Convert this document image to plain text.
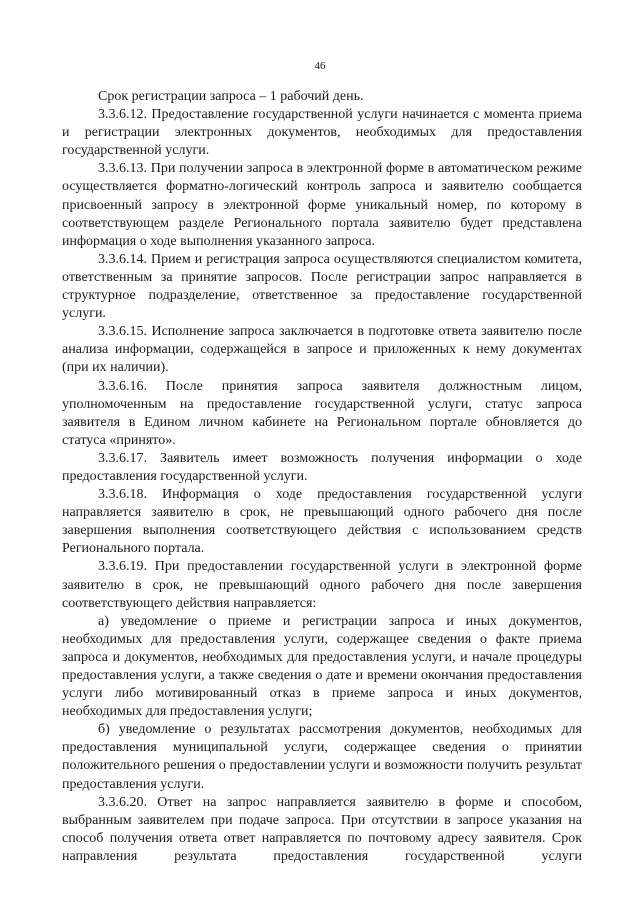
46

Срок регистрации запроса – 1 рабочий день.

3.3.6.12. Предоставление государственной услуги начинается с момента приема и регистрации электронных документов, необходимых для предоставления государственной услуги.

3.3.6.13. При получении запроса в электронной форме в автоматическом режиме осуществляется форматно-логический контроль запроса и заявителю сообщается присвоенный запросу в электронной форме уникальный номер, по которому в соответствующем разделе Регионального портала заявителю будет представлена информация о ходе выполнения указанного запроса.

3.3.6.14. Прием и регистрация запроса осуществляются специалистом комитета, ответственным за принятие запросов. После регистрации запрос направляется в структурное подразделение, ответственное за предоставление государственной услуги.

3.3.6.15. Исполнение запроса заключается в подготовке ответа заявителю после анализа информации, содержащейся в запросе и приложенных к нему документах (при их наличии).

3.3.6.16. После принятия запроса заявителя должностным лицом, уполномоченным на предоставление государственной услуги, статус запроса заявителя в Едином личном кабинете на Региональном портале обновляется до статуса «принято».

3.3.6.17. Заявитель имеет возможность получения информации о ходе предоставления государственной услуги.

3.3.6.18. Информация о ходе предоставления государственной услуги направляется заявителю в срок, не превышающий одного рабочего дня после завершения выполнения соответствующего действия с использованием средств Регионального портала.

3.3.6.19. При предоставлении государственной услуги в электронной форме заявителю в срок, не превышающий одного рабочего дня после завершения соответствующего действия направляется:

а) уведомление о приеме и регистрации запроса и иных документов, необходимых для предоставления услуги, содержащее сведения о факте приема запроса и документов, необходимых для предоставления услуги, и начале процедуры предоставления услуги, а также сведения о дате и времени окончания предоставления услуги либо мотивированный отказ в приеме запроса и иных документов, необходимых для предоставления услуги;

б) уведомление о результатах рассмотрения документов, необходимых для предоставления муниципальной услуги, содержащее сведения о принятии положительного решения о предоставлении услуги и возможности получить результат предоставления услуги.

3.3.6.20. Ответ на запрос направляется заявителю в форме и способом, выбранным заявителем при подаче запроса. При отсутствии в запросе указания на способ получения ответа ответ направляется по почтовому адресу заявителя. Срок направления результата предоставления государственной услуги
